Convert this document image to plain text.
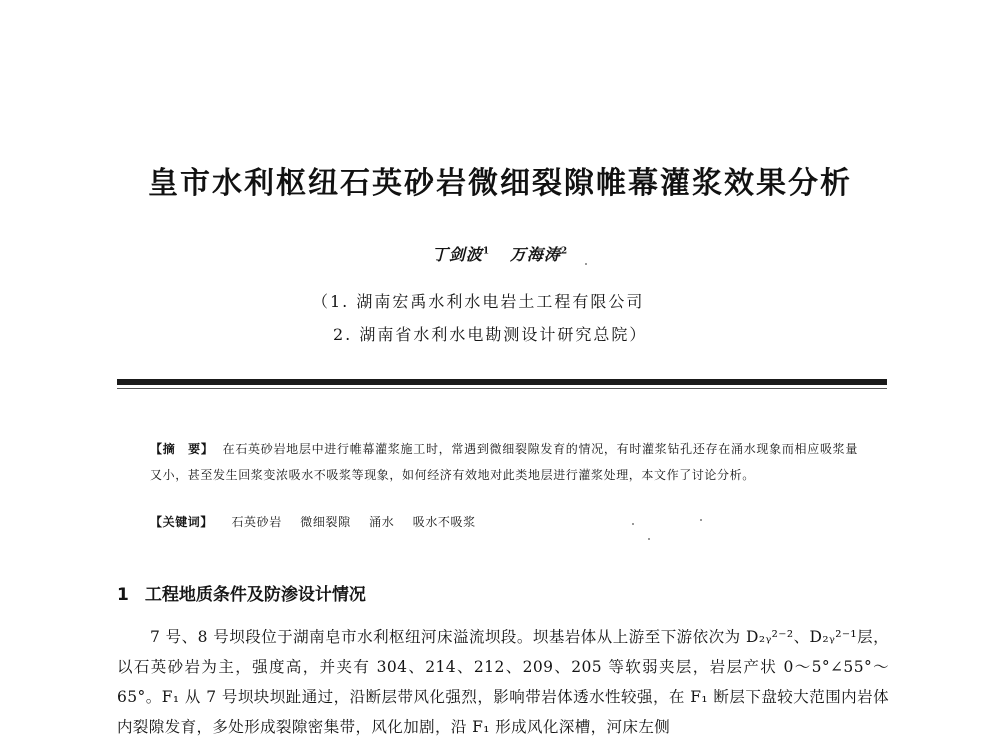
皇市水利枢纽石英砂岩微细裂隙帷幕灌浆效果分析
丁剑波$^1$ 万海涛$^2$
（1. 湖南宏禹水利水电岩土工程有限公司
2. 湖南省水利水电勘测设计研究总院）
【摘　要】 在石英砂岩地层中进行帷幕灌浆施工时，常遇到微细裂隙发育的情况，有时灌浆钻孔还存在涌水现象而相应吸浆量又小，甚至发生回浆变浓吸水不吸浆等现象，如何经济有效地对此类地层进行灌浆处理，本文作了讨论分析。
【关键词】 石英砂岩 微细裂隙 涌水 吸水不吸浆
1 工程地质条件及防渗设计情况
7 号、8 号坝段位于湖南皂市水利枢纽河床溢流坝段。坝基岩体从上游至下游依次为 D₂ᵧ²⁻²、D₂ᵧ²⁻¹层，以石英砂岩为主，强度高，并夹有 304、214、212、209、205 等软弱夹层，岩层产状 0～5°∠55°～65°。F₁ 从 7 号坝块坝趾通过，沿断层带风化强烈，影响带岩体透水性较强，在 F₁ 断层下盘较大范围内岩体内裂隙发育，多处形成裂隙密集带，风化加剧，沿 F₁ 形成风化深槽，河床左侧
